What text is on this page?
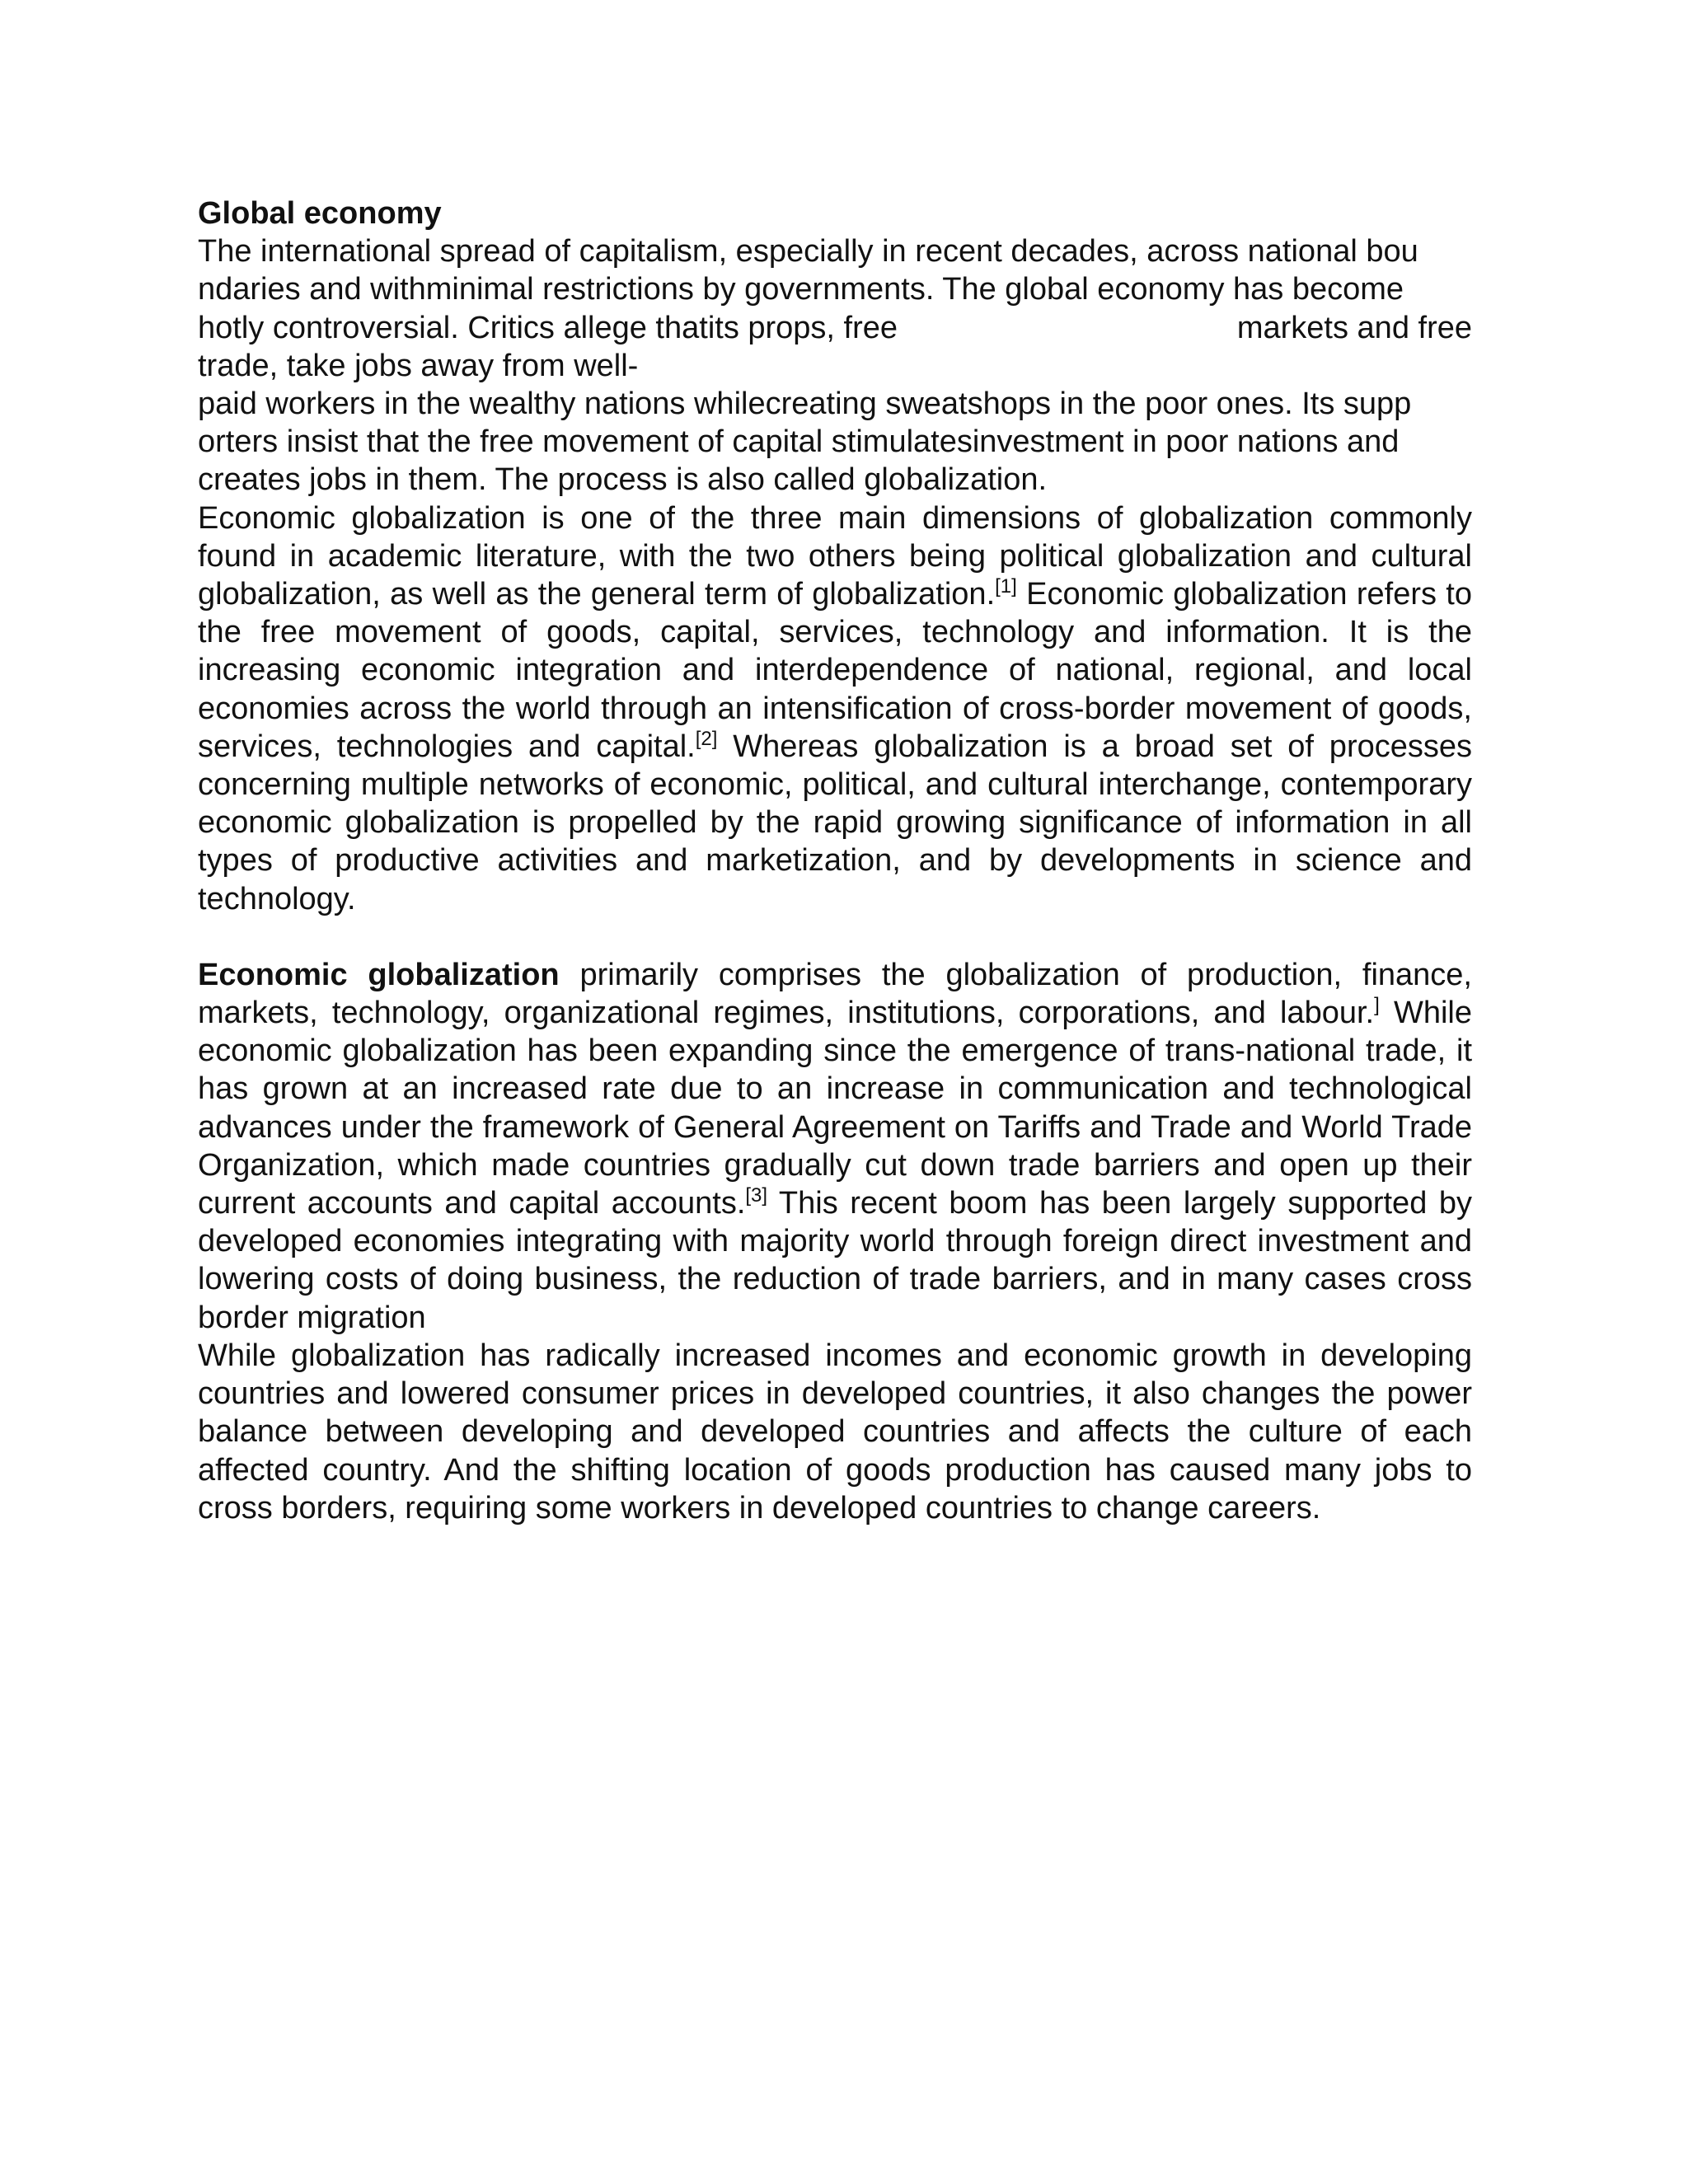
Global economy
The international spread of capitalism, especially in recent decades, across national bou
ndaries and withminimal restrictions by governments. The global economy has become
hotly controversial. Critics allege thatits props, free	markets and free
trade, take jobs away from well-
paid workers in the wealthy nations whilecreating sweatshops in the poor ones. Its supp
orters insist that the free movement of capital stimulatesinvestment in poor nations and
creates jobs in them. The process is also called globalization.

Economic globalization is one of the three main dimensions of globalization commonly found in academic literature, with the two others being political globalization and cultural globalization, as well as the general term of globalization.[1] Economic globalization refers to the free movement of goods, capital, services, technology and information. It is the increasing economic integration and interdependence of national, regional, and local economies across the world through an intensification of cross-border movement of goods, services, technologies and capital.[2] Whereas globalization is a broad set of processes concerning multiple networks of economic, political, and cultural interchange, contemporary economic globalization is propelled by the rapid growing significance of information in all types of productive activities and marketization, and by developments in science and technology.

Economic globalization primarily comprises the globalization of production, finance, markets, technology, organizational regimes, institutions, corporations, and labour.] While economic globalization has been expanding since the emergence of trans-national trade, it has grown at an increased rate due to an increase in communication and technological advances under the framework of General Agreement on Tariffs and Trade and World Trade Organization, which made countries gradually cut down trade barriers and open up their current accounts and capital accounts.[3] This recent boom has been largely supported by developed economies integrating with majority world through foreign direct investment and lowering costs of doing business, the reduction of trade barriers, and in many cases cross border migration

While globalization has radically increased incomes and economic growth in developing countries and lowered consumer prices in developed countries, it also changes the power balance between developing and developed countries and affects the culture of each affected country. And the shifting location of goods production has caused many jobs to cross borders, requiring some workers in developed countries to change careers.
